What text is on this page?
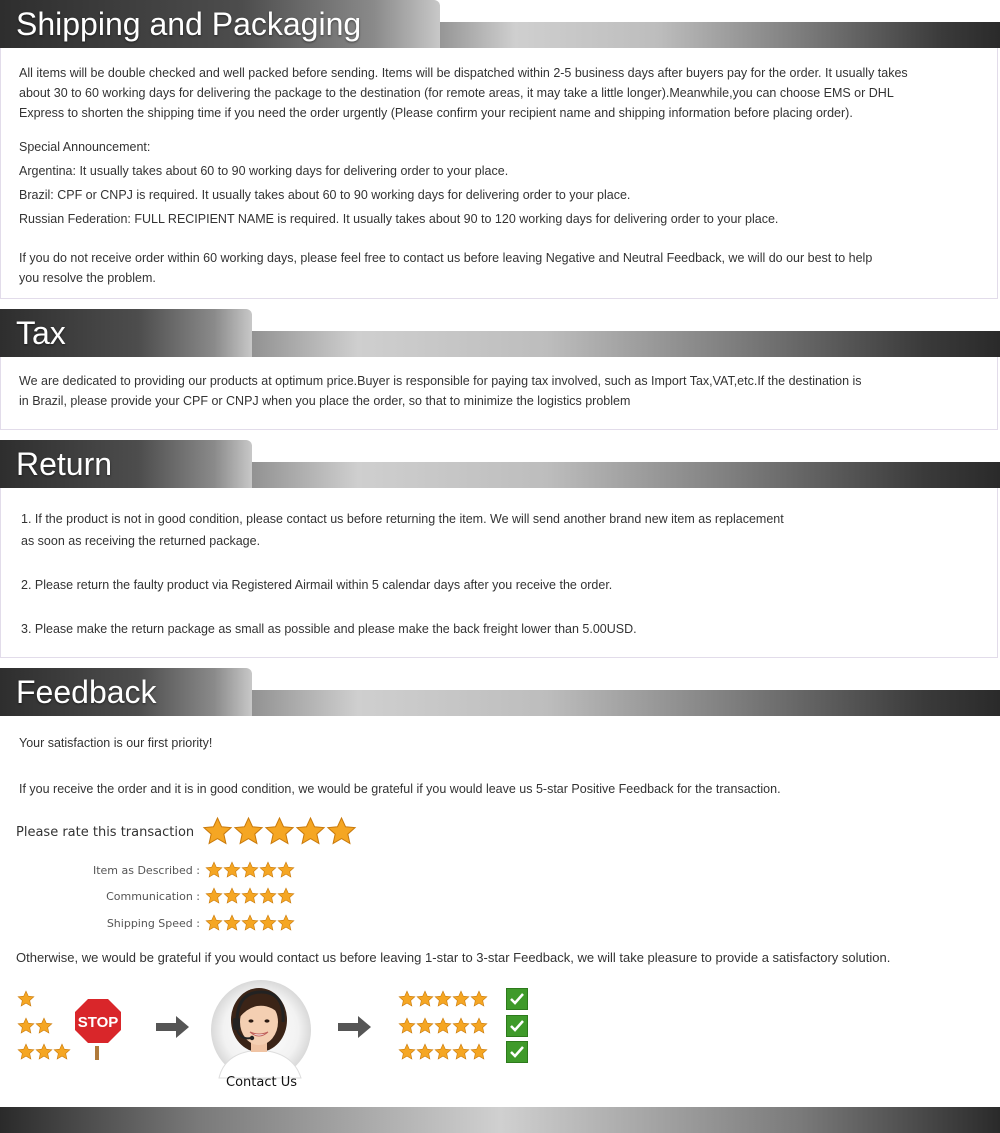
Shipping and Packaging
All items will be double checked and well packed before sending. Items will be dispatched within 2-5 business days after buyers pay for the order. It usually takes
about 30 to 60 working days for delivering the package to the destination (for remote areas, it may take a little longer).Meanwhile,you can choose EMS or DHL
Express to shorten the shipping time if you need the order urgently (Please confirm your recipient name and shipping information before placing order).
Special Announcement:
Argentina: It usually takes about 60 to 90 working days for delivering order to your place.
Brazil: CPF or CNPJ is required. It usually takes about 60 to 90 working days for delivering order to your place.
Russian Federation: FULL RECIPIENT NAME is required. It usually takes about 90 to 120 working days for delivering order to your place.
If you do not receive order within 60 working days, please feel free to contact us before leaving Negative and Neutral Feedback, we will do our best to help
you resolve the problem.
Tax
We are dedicated to providing our products at optimum price.Buyer is responsible for paying tax involved, such as Import Tax,VAT,etc.If the destination is
in Brazil, please provide your CPF or CNPJ when you place the order, so that to minimize the logistics problem
Return
1. If the product is not in good condition, please contact us before returning the item. We will send another brand new item as replacement
as soon as receiving the returned package.
2. Please return the faulty product via Registered Airmail within 5 calendar days after you receive the order.
3. Please make the return package as small as possible and please make the back freight lower than 5.00USD.
Feedback
Your satisfaction is our first priority!
If you receive the order and it is in good condition, we would be grateful if you would leave us 5-star Positive Feedback for the transaction.
Please rate this transaction
Item as Described :
Communication :
Shipping Speed :
Otherwise, we would be grateful if you would contact us before leaving 1-star to 3-star Feedback, we will take pleasure to provide a satisfactory solution.
STOP
Contact Us
